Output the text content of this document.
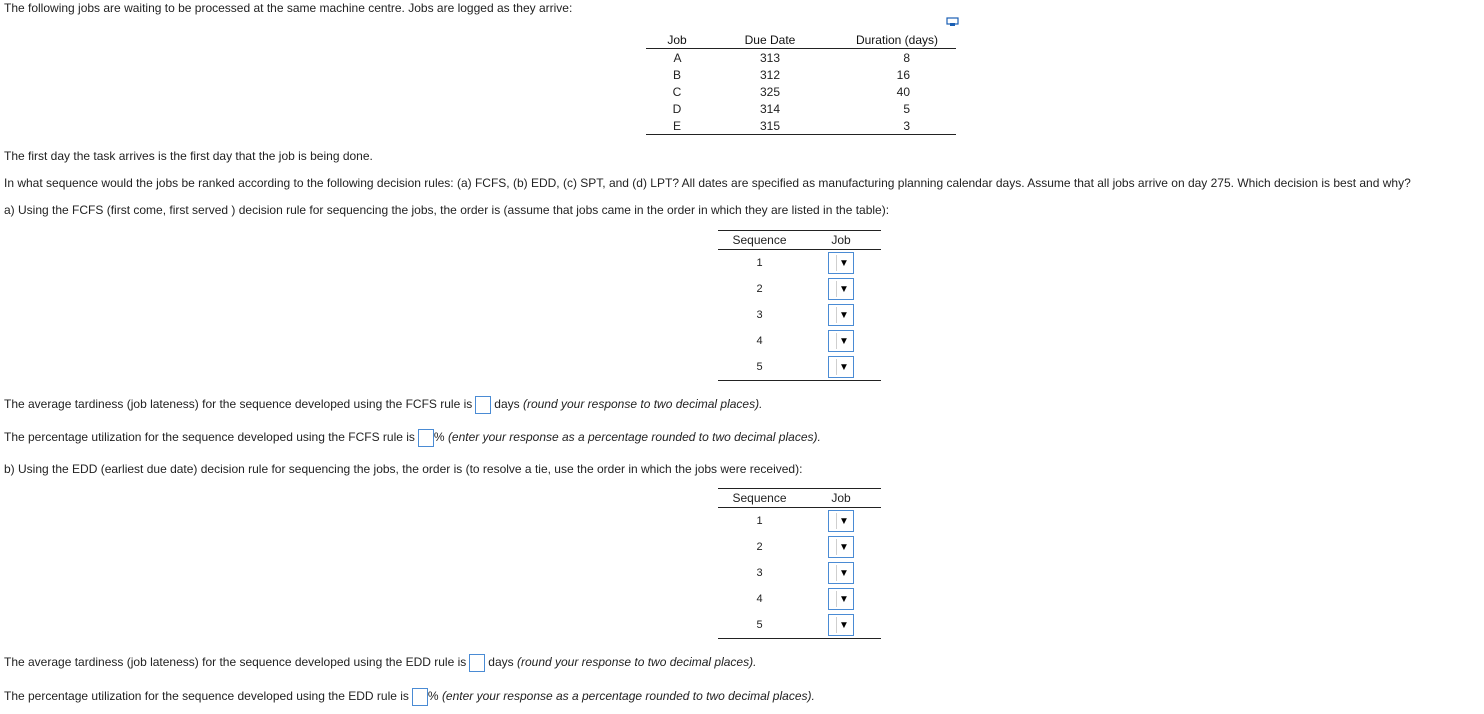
The following jobs are waiting to be processed at the same machine centre. Jobs are logged as they arrive:
Job	Due Date	Duration (days)
A	313	8
B	312	16
C	325	40
D	314	5
E	315	3
The first day the task arrives is the first day that the job is being done.
In what sequence would the jobs be ranked according to the following decision rules: (a) FCFS, (b) EDD, (c) SPT, and (d) LPT? All dates are specified as manufacturing planning calendar days. Assume that all jobs arrive on day 275. Which decision is best and why?
a) Using the FCFS (first come, first served ) decision rule for sequencing the jobs, the order is (assume that jobs came in the order in which they are listed in the table):
Sequence	Job
1	▼

2	▼

3	▼

4	▼

5	▼
The average tardiness (job lateness) for the sequence developed using the FCFS rule is days (round your response to two decimal places).
The percentage utilization for the sequence developed using the FCFS rule is % (enter your response as a percentage rounded to two decimal places).
b) Using the EDD (earliest due date) decision rule for sequencing the jobs, the order is (to resolve a tie, use the order in which the jobs were received):
Sequence	Job
1	▼

2	▼

3	▼

4	▼

5	▼
The average tardiness (job lateness) for the sequence developed using the EDD rule is days (round your response to two decimal places).
The percentage utilization for the sequence developed using the EDD rule is % (enter your response as a percentage rounded to two decimal places).
